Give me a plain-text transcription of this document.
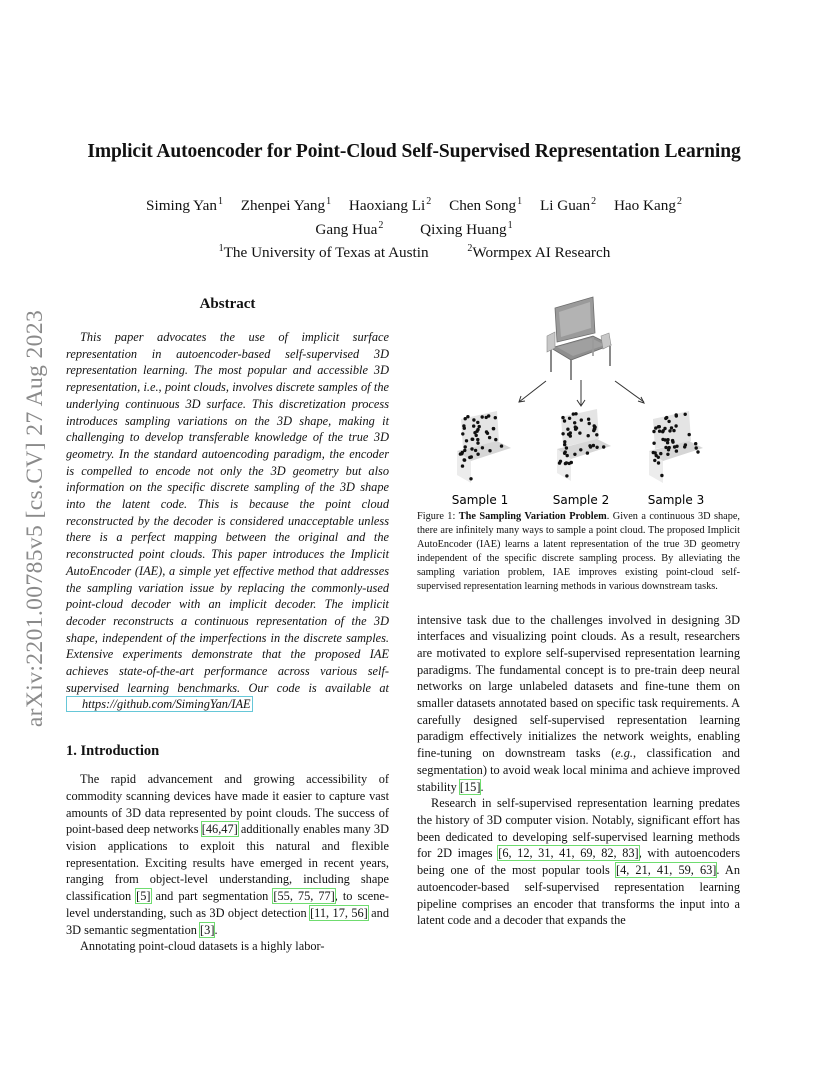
arXiv:2201.00785v5 [cs.CV] 27 Aug 2023
Implicit Autoencoder for Point-Cloud Self-Supervised Representation Learning
Siming Yan$^1$ Zhenpei Yang$^1$ Haoxiang Li$^2$ Chen Song$^1$ Li Guan$^2$ Hao Kang$^2$
Gang Hua$^2$ Qixing Huang$^1$
$^1$The University of Texas at Austin	$^2$Wormpex AI Research
Abstract
This paper advocates the use of implicit surface representation in autoencoder-based self-supervised 3D representation learning. The most popular and accessible 3D representation, i.e., point clouds, involves discrete samples of the underlying continuous 3D surface. This discretization process introduces sampling variations on the 3D shape, making it challenging to develop transferable knowledge of the true 3D geometry. In the standard autoencoding paradigm, the encoder is compelled to encode not only the 3D geometry but also information on the specific discrete sampling of the 3D shape into the latent code. This is because the point cloud reconstructed by the decoder is considered unacceptable unless there is a perfect mapping between the original and the reconstructed point clouds. This paper introduces the Implicit AutoEncoder (IAE), a simple yet effective method that addresses the sampling variation issue by replacing the commonly-used point-cloud decoder with an implicit decoder. The implicit decoder reconstructs a continuous representation of the 3D shape, independent of the imperfections in the discrete samples. Extensive experiments demonstrate that the proposed IAE achieves state-of-the-art performance across various self-supervised learning benchmarks. Our code is available at https://github.com/SimingYan/IAE
1. Introduction
The rapid advancement and growing accessibility of commodity scanning devices have made it easier to capture vast amounts of 3D data represented by point clouds. The success of point-based deep networks [46,47] additionally enables many 3D vision applications to exploit this natural and flexible representation. Exciting results have emerged in recent years, ranging from object-level understanding, including shape classification [5] and part segmentation [55, 75, 77], to scene-level understanding, such as 3D object detection [11, 17, 56] and 3D semantic segmentation [3].
Annotating point-cloud datasets is a highly labor-
Sample 1	Sample 2	Sample 3
Figure 1: The Sampling Variation Problem. Given a continuous 3D shape, there are infinitely many ways to sample a point cloud. The proposed Implicit AutoEncoder (IAE) learns a latent representation of the true 3D geometry independent of the specific discrete sampling process. By alleviating the sampling variation problem, IAE improves existing point-cloud self-supervised representation learning methods in various downstream tasks.
intensive task due to the challenges involved in designing 3D interfaces and visualizing point clouds. As a result, researchers are motivated to explore self-supervised representation learning paradigms. The fundamental concept is to pre-train deep neural networks on large unlabeled datasets and fine-tune them on smaller datasets annotated based on specific task requirements. A carefully designed self-supervised representation learning paradigm effectively initializes the network weights, enabling fine-tuning on downstream tasks (e.g., classification and segmentation) to avoid weak local minima and achieve improved stability [15].
Research in self-supervised representation learning predates the history of 3D computer vision. Notably, significant effort has been dedicated to developing self-supervised learning methods for 2D images [6, 12, 31, 41, 69, 82, 83], with autoencoders being one of the most popular tools [4, 21, 41, 59, 63]. An autoencoder-based self-supervised representation learning pipeline comprises an encoder that transforms the input into a latent code and a decoder that expands the
